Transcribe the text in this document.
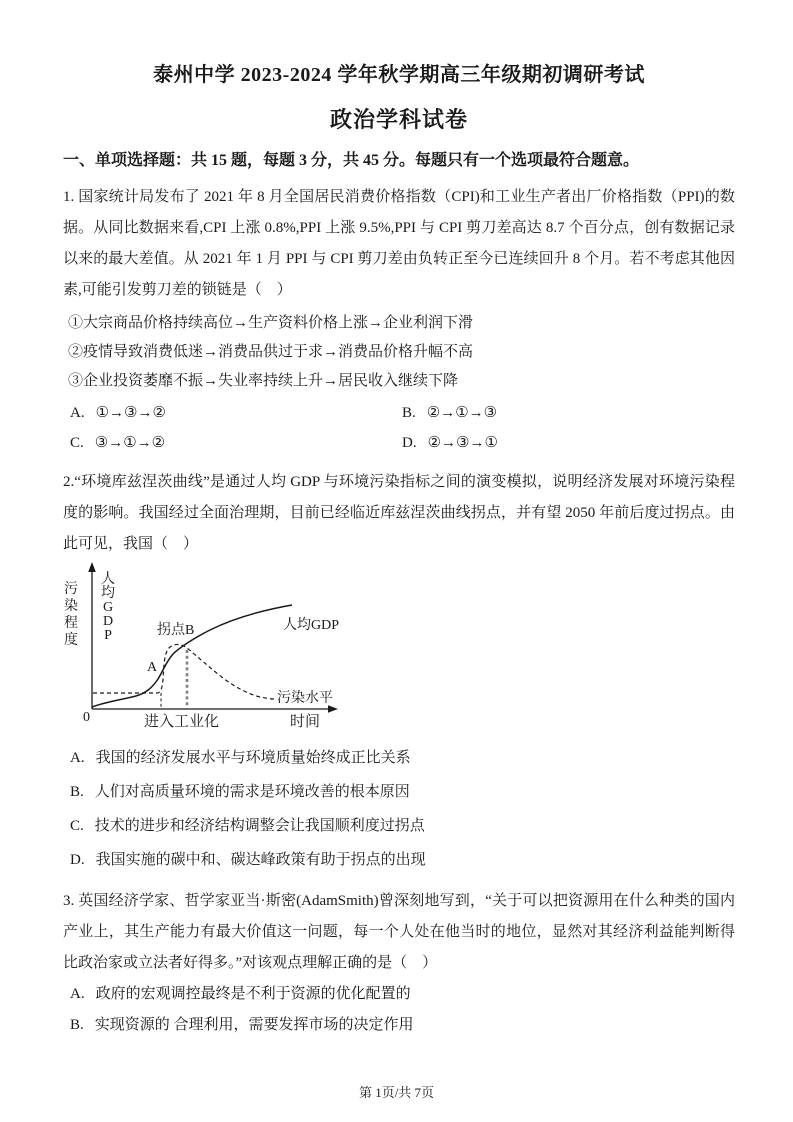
泰州中学 2023-2024 学年秋学期高三年级期初调研考试
政治学科试卷
一、单项选择题：共 15 题，每题 3 分，共 45 分。每题只有一个选项最符合题意。

1. 国家统计局发布了 2021 年 8 月全国居民消费价格指数（CPI)和工业生产者出厂价格指数（PPI)的数据。从同比数据来看,CPI 上涨 0.8%,PPI 上涨 9.5%,PPI 与 CPI 剪刀差高达 8.7 个百分点，创有数据记录以来的最大差值。从 2021 年 1 月 PPI 与 CPI 剪刀差由负转正至今已连续回升 8 个月。若不考虑其他因素,可能引发剪刀差的锁链是（　）

①大宗商品价格持续高位→生产资料价格上涨→企业利润下滑
②疫情导致消费低迷→消费品供过于求→消费品价格升幅不高
③企业投资萎靡不振→失业率持续上升→居民收入继续下降
A. ①→③→②	B. ②→①→③
C. ③→①→②	D. ②→③→①

2.“环境库兹涅茨曲线”是通过人均 GDP 与环境污染指标之间的演变模拟，说明经济发展对环境污染程度的影响。我国经过全面治理期，目前已经临近库兹涅茨曲线拐点，并有望 2050 年前后度过拐点。由此可见，我国（　）

污染程度
人均 G D P
0
拐点B
A
人均GDP
污染水平
进入工业化	时间
A. 我国的经济发展水平与环境质量始终成正比关系
B. 人们对高质量环境的需求是环境改善的根本原因
C. 技术的进步和经济结构调整会让我国顺利度过拐点
D. 我国实施的碳中和、碳达峰政策有助于拐点的出现

3. 英国经济学家、哲学家亚当·斯密(AdamSmith)曾深刻地写到，“关于可以把资源用在什么种类的国内产业上，其生产能力有最大价值这一问题，每一个人处在他当时的地位，显然对其经济利益能判断得比政治家或立法者好得多。”对该观点理解正确的是（　）

A. 政府的宏观调控最终是不利于资源的优化配置的
B. 实现资源的 合理利用，需要发挥市场的决定作用
第 1页/共 7页
